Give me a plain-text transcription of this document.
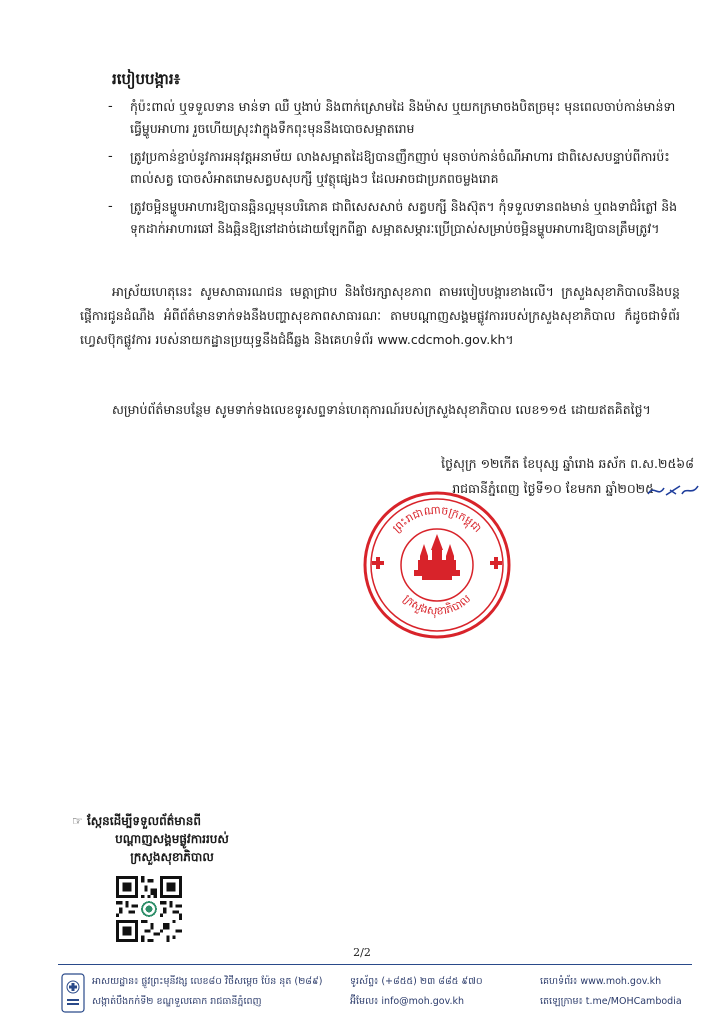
របៀបបង្ការ៖
- កុំប៉ះពាល់ ឬទទួលទាន មាន់ទា ឈឺ ឬងាប់ និងពាក់ស្រោមដៃ និងម៉ាស ឬយកក្រមាចងបិតច្រមុះ មុនពេលចាប់កាន់មាន់ទាធ្វើម្ហូបអាហារ រួចហើយស្រុះវាក្នុងទឹកពុះមុននឹងបោចសម្អាតរោម
- ត្រូវប្រកាន់ខ្ជាប់នូវការអនុវត្តអនាម័យ លាងសម្អាតដៃឱ្យបានញឹកញាប់ មុនចាប់កាន់ចំណីអាហារ ជាពិសេសបន្ទាប់ពីការប៉ះពាល់សត្វ បោចសំអាតរោមសត្វបសុបក្សី ឬវត្ថុផ្សេងៗ ដែលអាចជាប្រភពចម្លងរោគ
- ត្រូវចម្អិនម្ហូបអាហារឱ្យបានឆ្អិនល្អមុនបរិភោគ ជាពិសេសសាច់ សត្វបក្សី និងស៊ុត។ កុំទទួលទានពងមាន់ ឬពងទាជំរំត្លៅ និងទុកដាក់អាហារឆៅ និងឆ្អិនឱ្យនៅដាច់ដោយឡែកពីគ្នា សម្អាតសម្ភារៈប្រើប្រាស់សម្រាប់ចម្អិនម្ហូបអាហារឱ្យបានត្រឹមត្រូវ។
អាស្រ័យហេតុនេះ សូមសាធារណជន មេត្តាជ្រាប និងថែរក្សាសុខភាព តាមរបៀបបង្ការខាងលើ។ ក្រសួងសុខាភិបាលនឹងបន្តផ្តើការជូនដំណឹង អំពីព័ត៌មានទាក់ទងនឹងបញ្ហាសុខភាពសាធារណៈ តាមបណ្តាញសង្គមផ្លូវការរបស់ក្រសួងសុខាភិបាល ក៏ដូចជាទំព័រហ្វេសប៊ុកផ្លូវការ របស់នាយកដ្ឋានប្រយុទ្ធនឹងជំងឺឆ្លង និងគេហទំព័រ www.cdcmoh.gov.kh។
សម្រាប់ព័ត៌មានបន្ថែម សូមទាក់ទងលេខទូរសព្ទទាន់ហេតុការណ៍របស់ក្រសួងសុខាភិបាល លេខ១១៥ ដោយឥតគិតថ្លៃ។
ថ្ងៃសុក្រ ១២កើត ខែបុស្ស ឆ្នាំរោង ឆស័ក ព.ស.២៥៦៨
រាជធានីភ្នំពេញ ថ្ងៃទី១០ ខែមករា ឆ្នាំ២០២៥
ព្រះរាជាណាចក្រកម្ពុជា
ក្រសួងសុខាភិបាល
☞ ស្កែនដើម្បីទទួលព័ត៌មានពី
បណ្តាញសង្គមផ្លូវការរបស់
ក្រសួងសុខាភិបាល
2/2
អាសយដ្ឋាន៖ ផ្លូវព្រះមុនីវង្ស លេខ៨០ វិថីសម្តេច ប៉ែន នុត (២៨៩)
សង្កាត់បឹងកក់ទី២ ខណ្ឌទួលគោក រាជធានីភ្នំពេញ
ទូរស័ព្ទ៖ (+៨៥៥) ២៣ ៨៨៥ ៩៧០
អ៊ីមែល៖ info@moh.gov.kh
គេហទំព័រ៖ www.moh.gov.kh
តេឡេក្រាម៖ t.me/MOHCambodia
